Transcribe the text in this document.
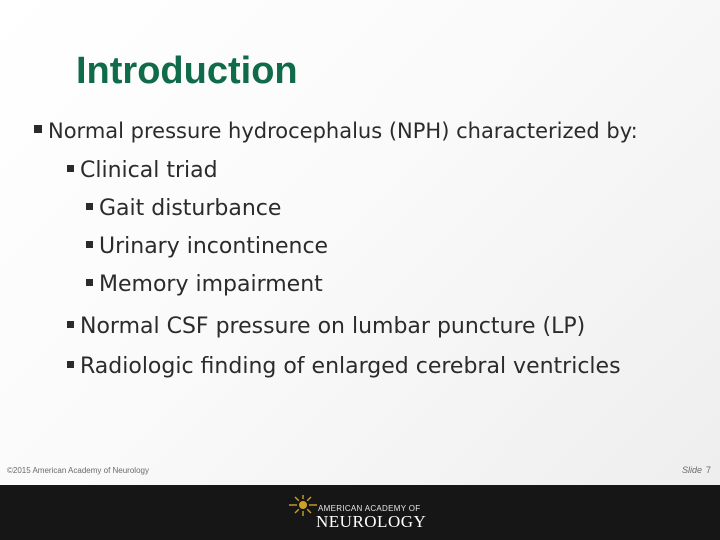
Introduction
Normal pressure hydrocephalus (NPH) characterized by:
Clinical triad
Gait disturbance
Urinary incontinence
Memory impairment
Normal CSF pressure on lumbar puncture (LP)
Radiologic finding of enlarged cerebral ventricles
©2015 American Academy of Neurology	Slide 7
AMERICAN ACADEMY OF
NEUROLOGY
